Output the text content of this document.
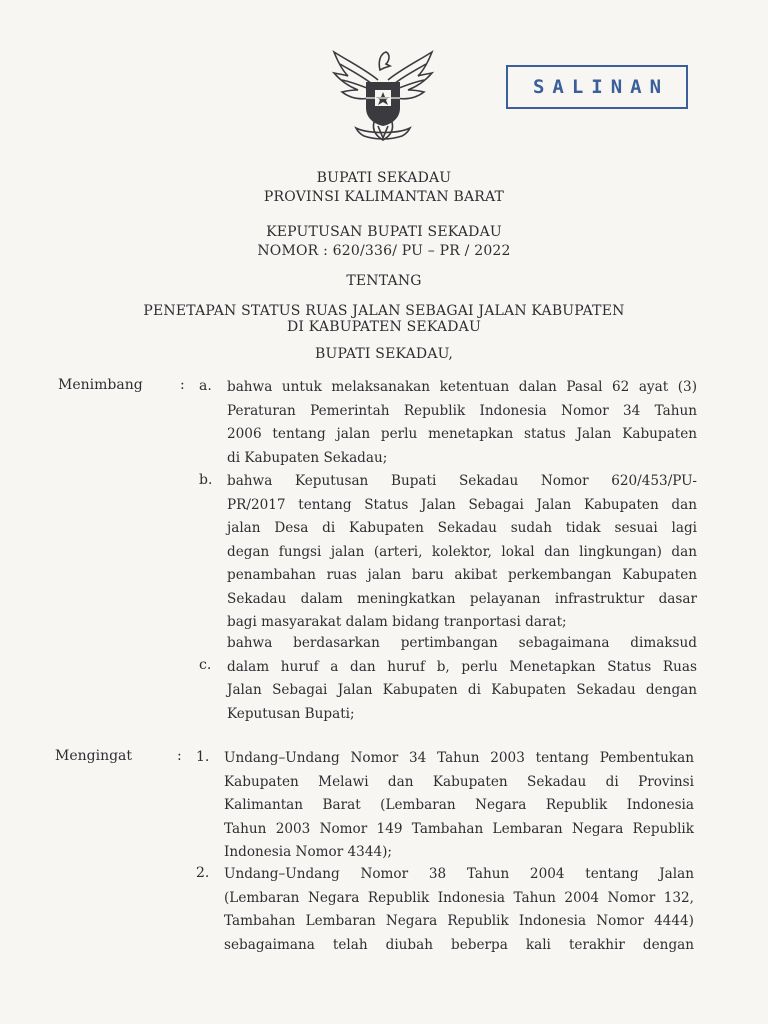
SALINAN
BUPATI SEKADAU
PROVINSI KALIMANTAN BARAT
KEPUTUSAN BUPATI SEKADAU
NOMOR : 620/336/ PU – PR / 2022
TENTANG
PENETAPAN STATUS RUAS JALAN SEBAGAI JALAN KABUPATEN
DI KABUPATEN SEKADAU
BUPATI SEKADAU,
Menimbang	: a. bahwa untuk melaksanakan ketentuan dalan Pasal 62 ayat (3)
Peraturan Pemerintah Republik Indonesia Nomor 34 Tahun
2006 tentang jalan perlu menetapkan status Jalan Kabupaten
di Kabupaten Sekadau;
b. bahwa Keputusan Bupati Sekadau Nomor 620/453/PU-
PR/2017 tentang Status Jalan Sebagai Jalan Kabupaten dan
jalan Desa di Kabupaten Sekadau sudah tidak sesuai lagi
degan fungsi jalan (arteri, kolektor, lokal dan lingkungan) dan
penambahan ruas jalan baru akibat perkembangan Kabupaten
Sekadau dalam meningkatkan pelayanan infrastruktur dasar
bagi masyarakat dalam bidang tranportasi darat;
c.
bahwa berdasarkan pertimbangan sebagaimana dimaksud
dalam huruf a dan huruf b, perlu Menetapkan Status Ruas
Jalan Sebagai Jalan Kabupaten di Kabupaten Sekadau dengan
Keputusan Bupati;
Mengingat	: 1. Undang–Undang Nomor 34 Tahun 2003 tentang Pembentukan
Kabupaten Melawi dan Kabupaten Sekadau di Provinsi
Kalimantan Barat (Lembaran Negara Republik Indonesia
Tahun 2003 Nomor 149 Tambahan Lembaran Negara Republik
Indonesia Nomor 4344);
2. Undang–Undang Nomor 38 Tahun 2004 tentang Jalan
(Lembaran Negara Republik Indonesia Tahun 2004 Nomor 132,
Tambahan Lembaran Negara Republik Indonesia Nomor 4444)
sebagaimana telah diubah beberpa kali terakhir dengan
